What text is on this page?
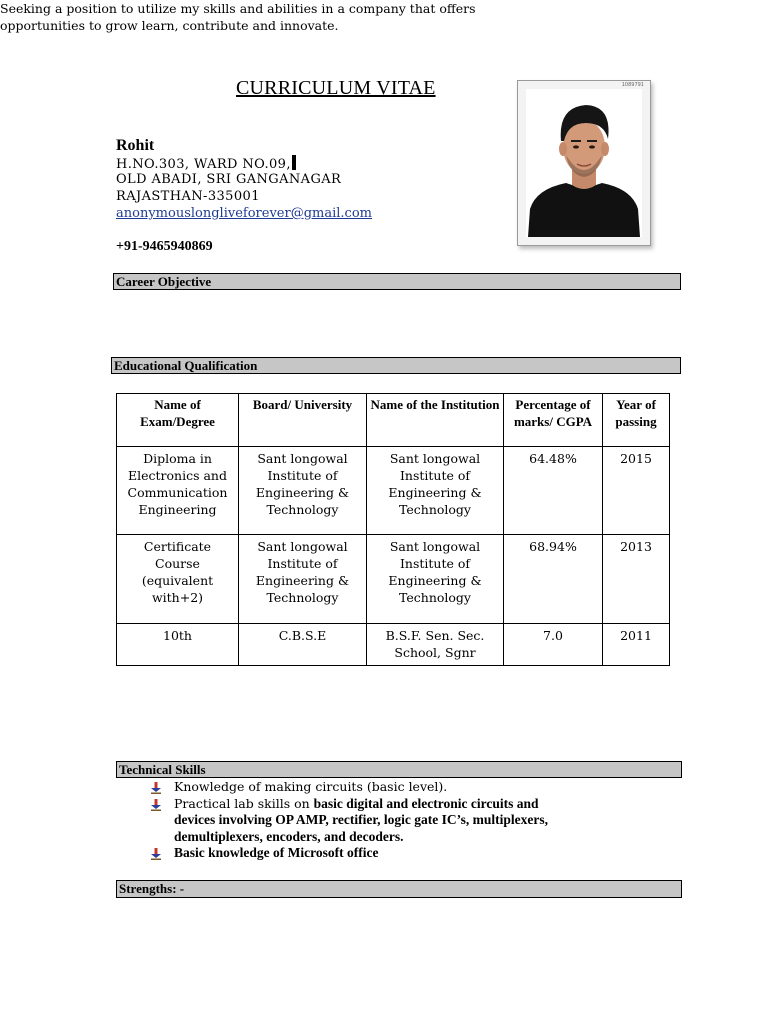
CURRICULUM VITAE	1089791
Rohit
H.NO.303, WARD NO.09,
OLD ABADI, SRI GANGANAGAR
RAJASTHAN-335001
anonymouslongliveforever@gmail.com
+91-9465940869
Career Objective
Seeking a position to utilize my skills and abilities in a company that offers opportunities to grow learn, contribute and innovate.
Educational Qualification
Name of Exam/Degree	Board/ University	Name of the Institution	Percentage of marks/ CGPA	Year of passing
Diploma in Electronics and Communication Engineering	Sant longowal Institute of Engineering & Technology	Sant longowal Institute of Engineering & Technology	64.48%	2015
Certificate Course (equivalent with+2)	Sant longowal Institute of Engineering & Technology	Sant longowal Institute of Engineering & Technology	68.94%	2013
10th	C.B.S.E	B.S.F. Sen. Sec. School, Sgnr	7.0	2011
Technical Skills
Knowledge of making circuits (basic level).
Practical lab skills on basic digital and electronic circuits and devices involving OP AMP, rectifier, logic gate IC’s, multiplexers, demultiplexers, encoders, and decoders.
Basic knowledge of Microsoft office
Strengths: -
